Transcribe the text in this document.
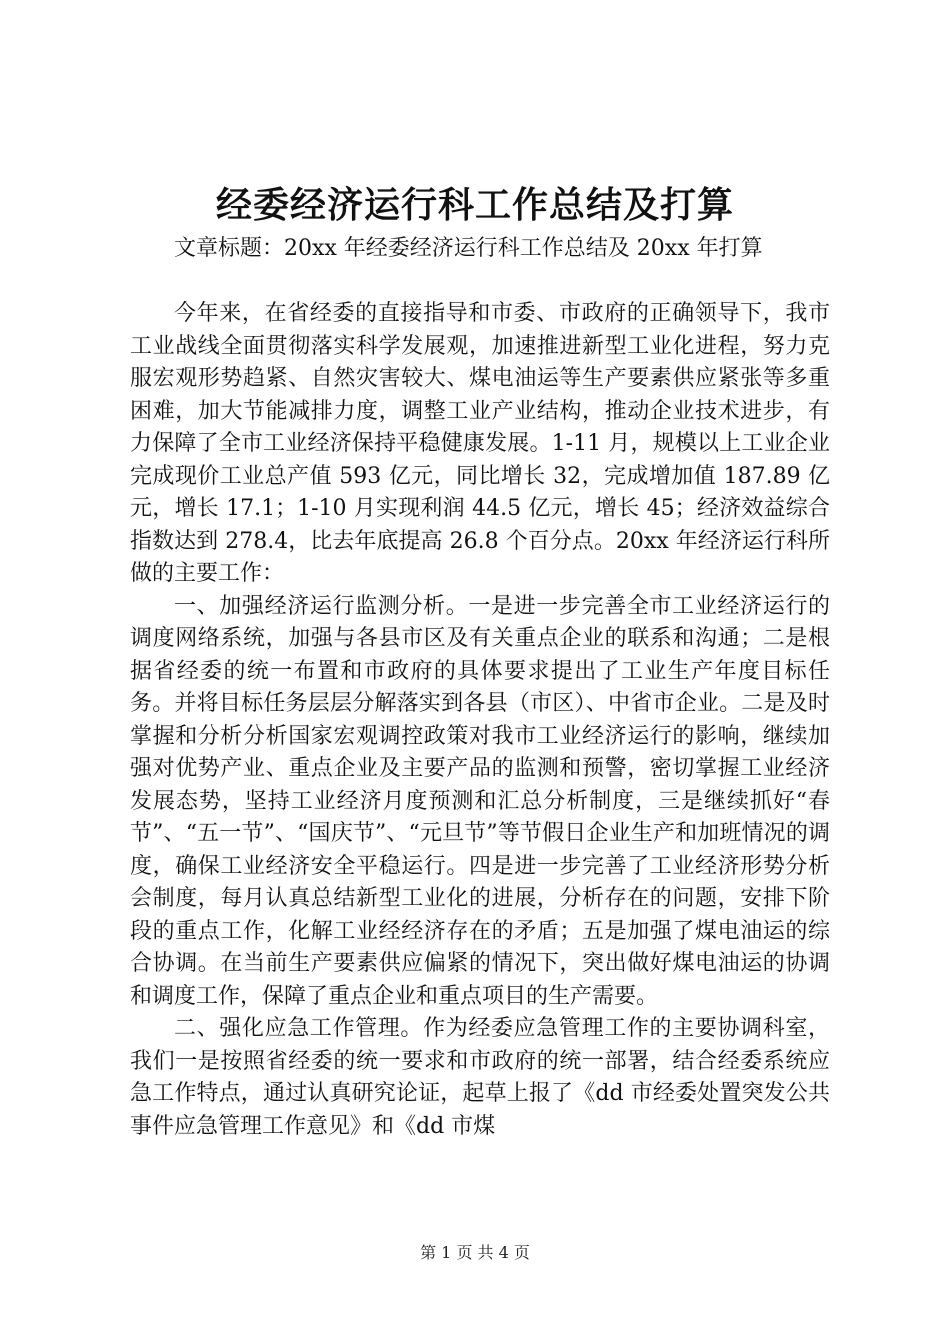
经委经济运行科工作总结及打算

文章标题：20xx 年经委经济运行科工作总结及 20xx 年打算

今年来，在省经委的直接指导和市委、市政府的正确领导下，我市工业战线全面贯彻落实科学发展观，加速推进新型工业化进程，努力克服宏观形势趋紧、自然灾害较大、煤电油运等生产要素供应紧张等多重困难，加大节能减排力度，调整工业产业结构，推动企业技术进步，有力保障了全市工业经济保持平稳健康发展。1-11 月，规模以上工业企业完成现价工业总产值 593 亿元，同比增长 32，完成增加值 187.89 亿元，增长 17.1；1-10 月实现利润 44.5 亿元，增长 45；经济效益综合指数达到 278.4，比去年底提高 26.8 个百分点。20xx 年经济运行科所做的主要工作：

一、加强经济运行监测分析。一是进一步完善全市工业经济运行的调度网络系统，加强与各县市区及有关重点企业的联系和沟通；二是根据省经委的统一布置和市政府的具体要求提出了工业生产年度目标任务。并将目标任务层层分解落实到各县（市区）、中省市企业。二是及时掌握和分析分析国家宏观调控政策对我市工业经济运行的影响，继续加强对优势产业、重点企业及主要产品的监测和预警，密切掌握工业经济发展态势，坚持工业经济月度预测和汇总分析制度，三是继续抓好“春节”、“五一节”、“国庆节”、“元旦节”等节假日企业生产和加班情况的调度，确保工业经济安全平稳运行。四是进一步完善了工业经济形势分析会制度，每月认真总结新型工业化的进展，分析存在的问题，安排下阶段的重点工作，化解工业经经济存在的矛盾；五是加强了煤电油运的综合协调。在当前生产要素供应偏紧的情况下，突出做好煤电油运的协调和调度工作，保障了重点企业和重点项目的生产需要。

二、强化应急工作管理。作为经委应急管理工作的主要协调科室，我们一是按照省经委的统一要求和市政府的统一部署，结合经委系统应急工作特点，通过认真研究论证，起草上报了《dd 市经委处置突发公共事件应急管理工作意见》和《dd 市煤

第 1 页 共 4 页
